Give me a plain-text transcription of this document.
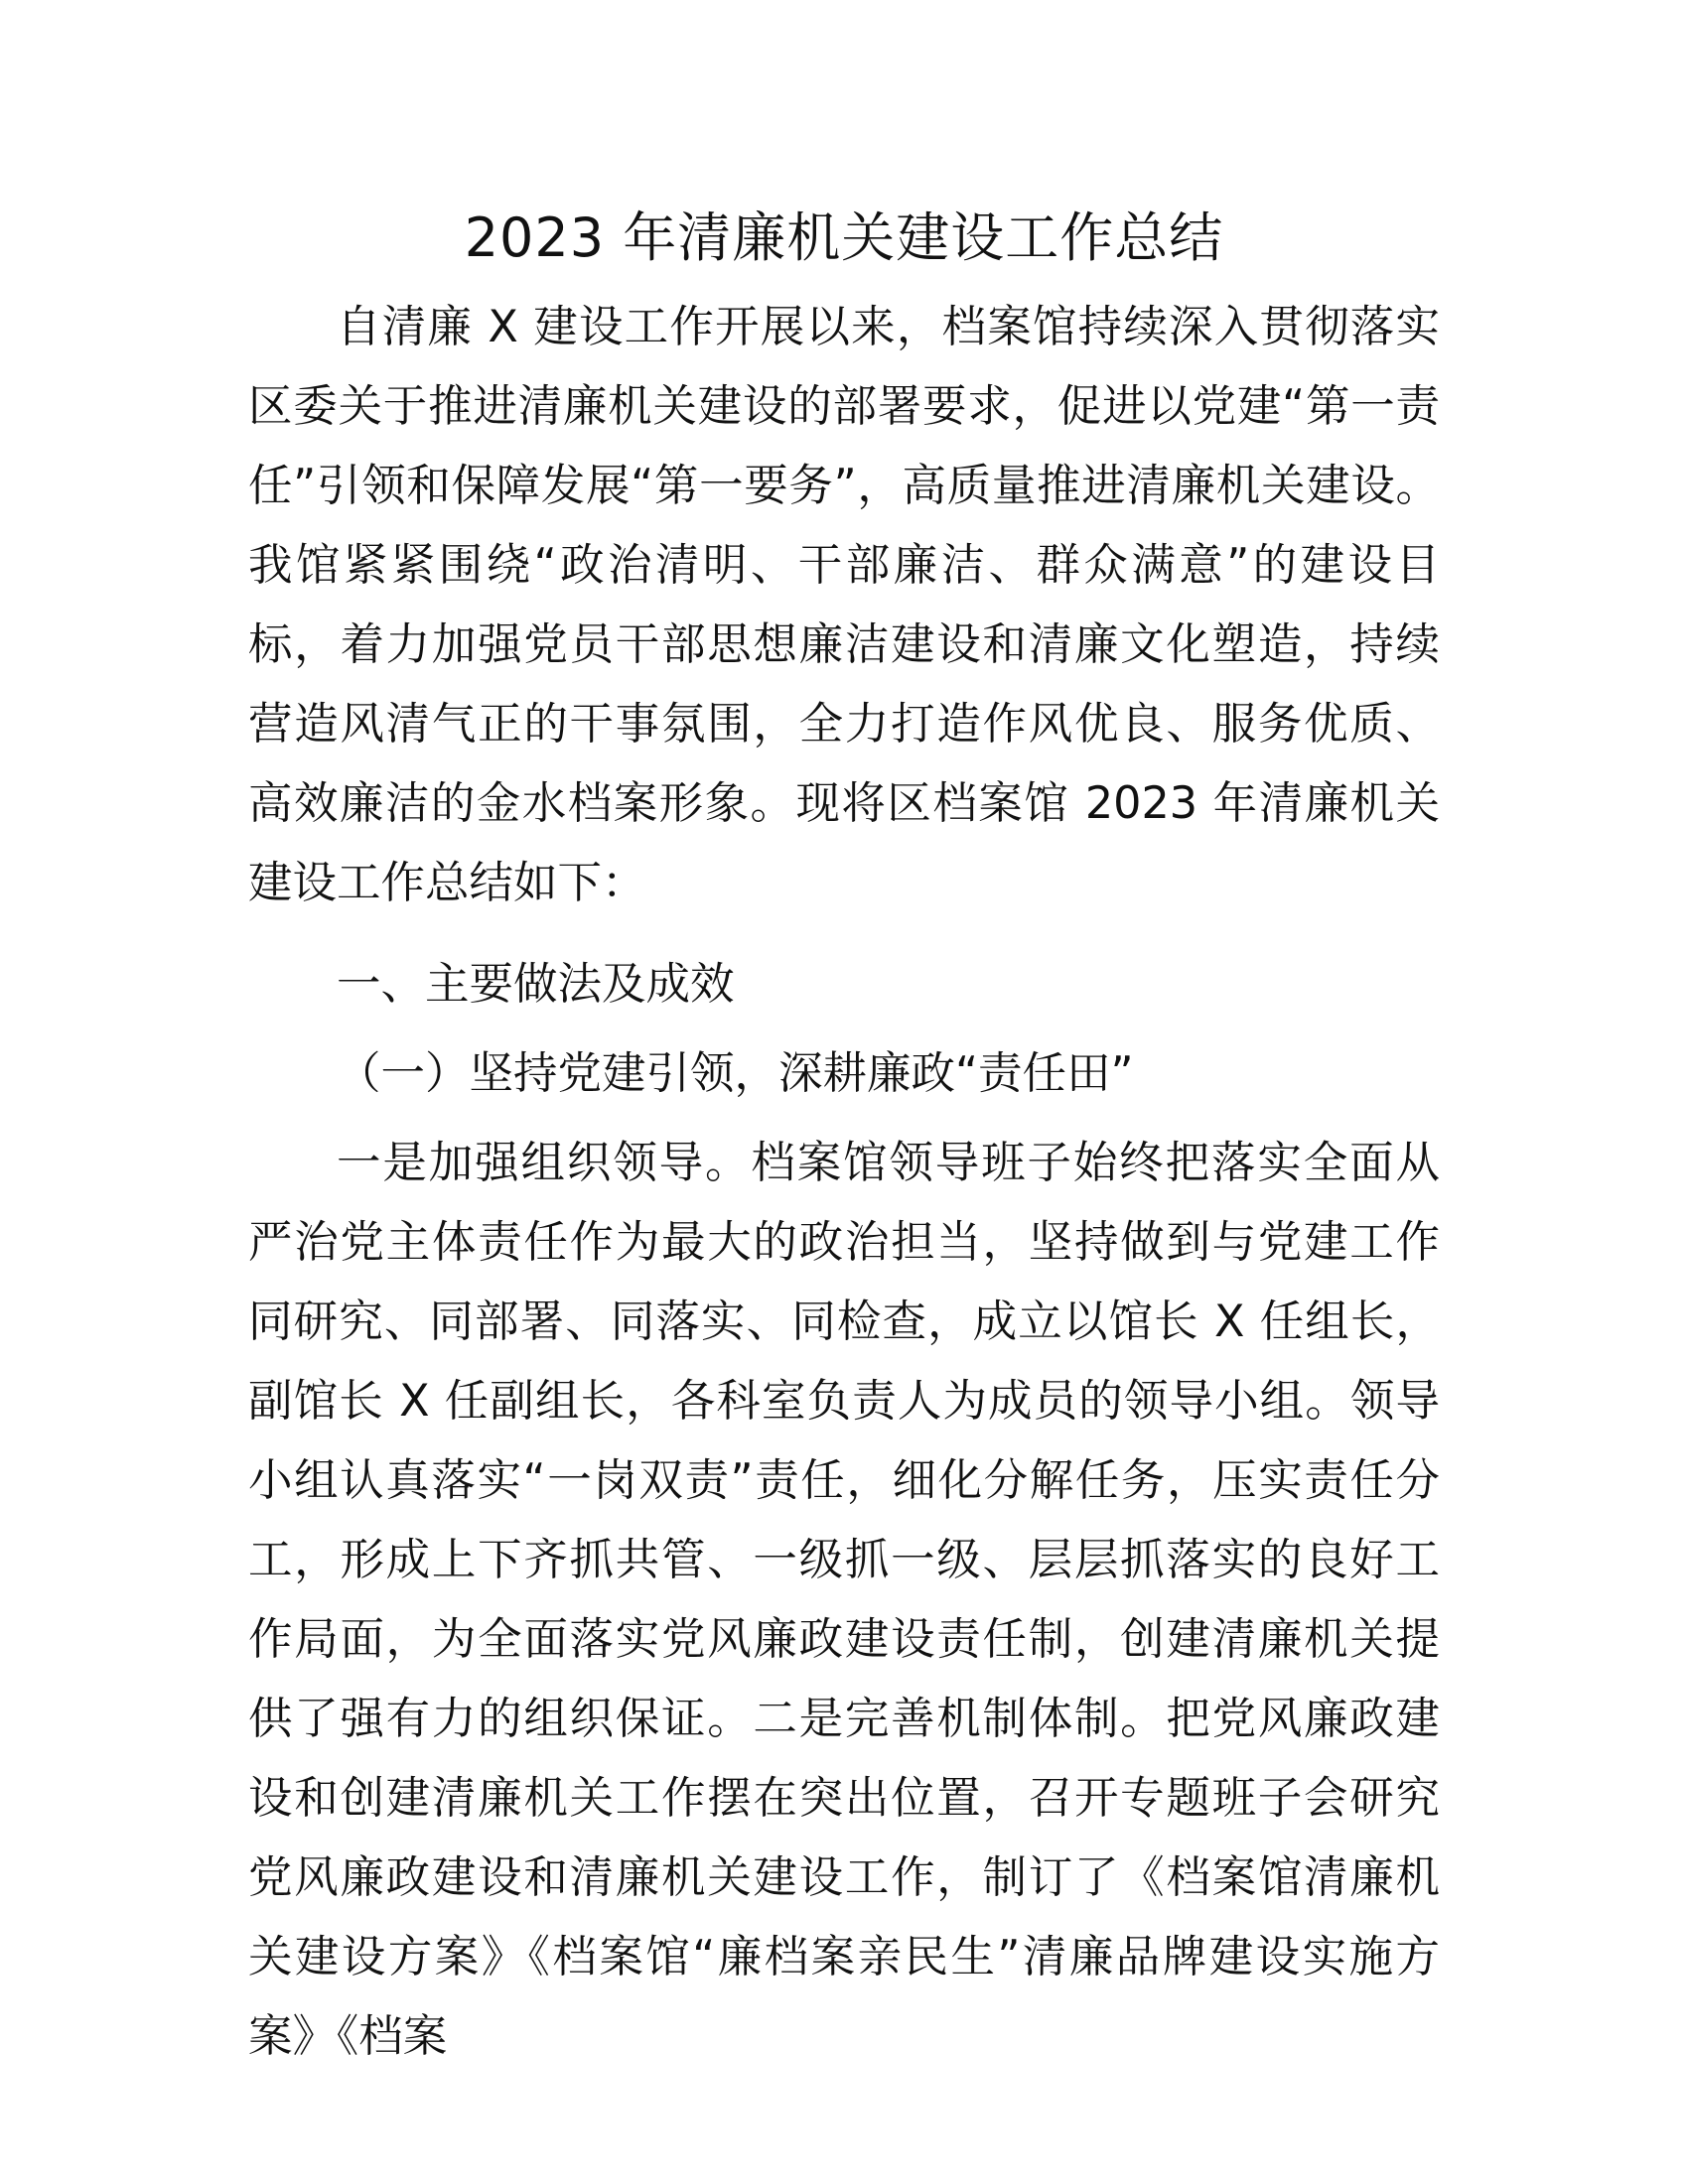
2023 年清廉机关建设工作总结

自清廉 X 建设工作开展以来，档案馆持续深入贯彻落实区委关于推进清廉机关建设的部署要求，促进以党建“第一责任”引领和保障发展“第一要务”，高质量推进清廉机关建设。我馆紧紧围绕“政治清明、干部廉洁、群众满意”的建设目标，着力加强党员干部思想廉洁建设和清廉文化塑造，持续营造风清气正的干事氛围，全力打造作风优良、服务优质、高效廉洁的金水档案形象。现将区档案馆 2023 年清廉机关建设工作总结如下：

一、主要做法及成效

（一）坚持党建引领，深耕廉政“责任田”

一是加强组织领导。档案馆领导班子始终把落实全面从严治党主体责任作为最大的政治担当，坚持做到与党建工作同研究、同部署、同落实、同检查，成立以馆长 X 任组长，副馆长 X 任副组长，各科室负责人为成员的领导小组。领导小组认真落实“一岗双责”责任，细化分解任务，压实责任分工，形成上下齐抓共管、一级抓一级、层层抓落实的良好工作局面，为全面落实党风廉政建设责任制，创建清廉机关提供了强有力的组织保证。二是完善机制体制。把党风廉政建设和创建清廉机关工作摆在突出位置，召开专题班子会研究党风廉政建设和清廉机关建设工作，制订了《档案馆清廉机关建设方案》《档案馆“廉档案亲民生”清廉品牌建设实施方案》《档案
